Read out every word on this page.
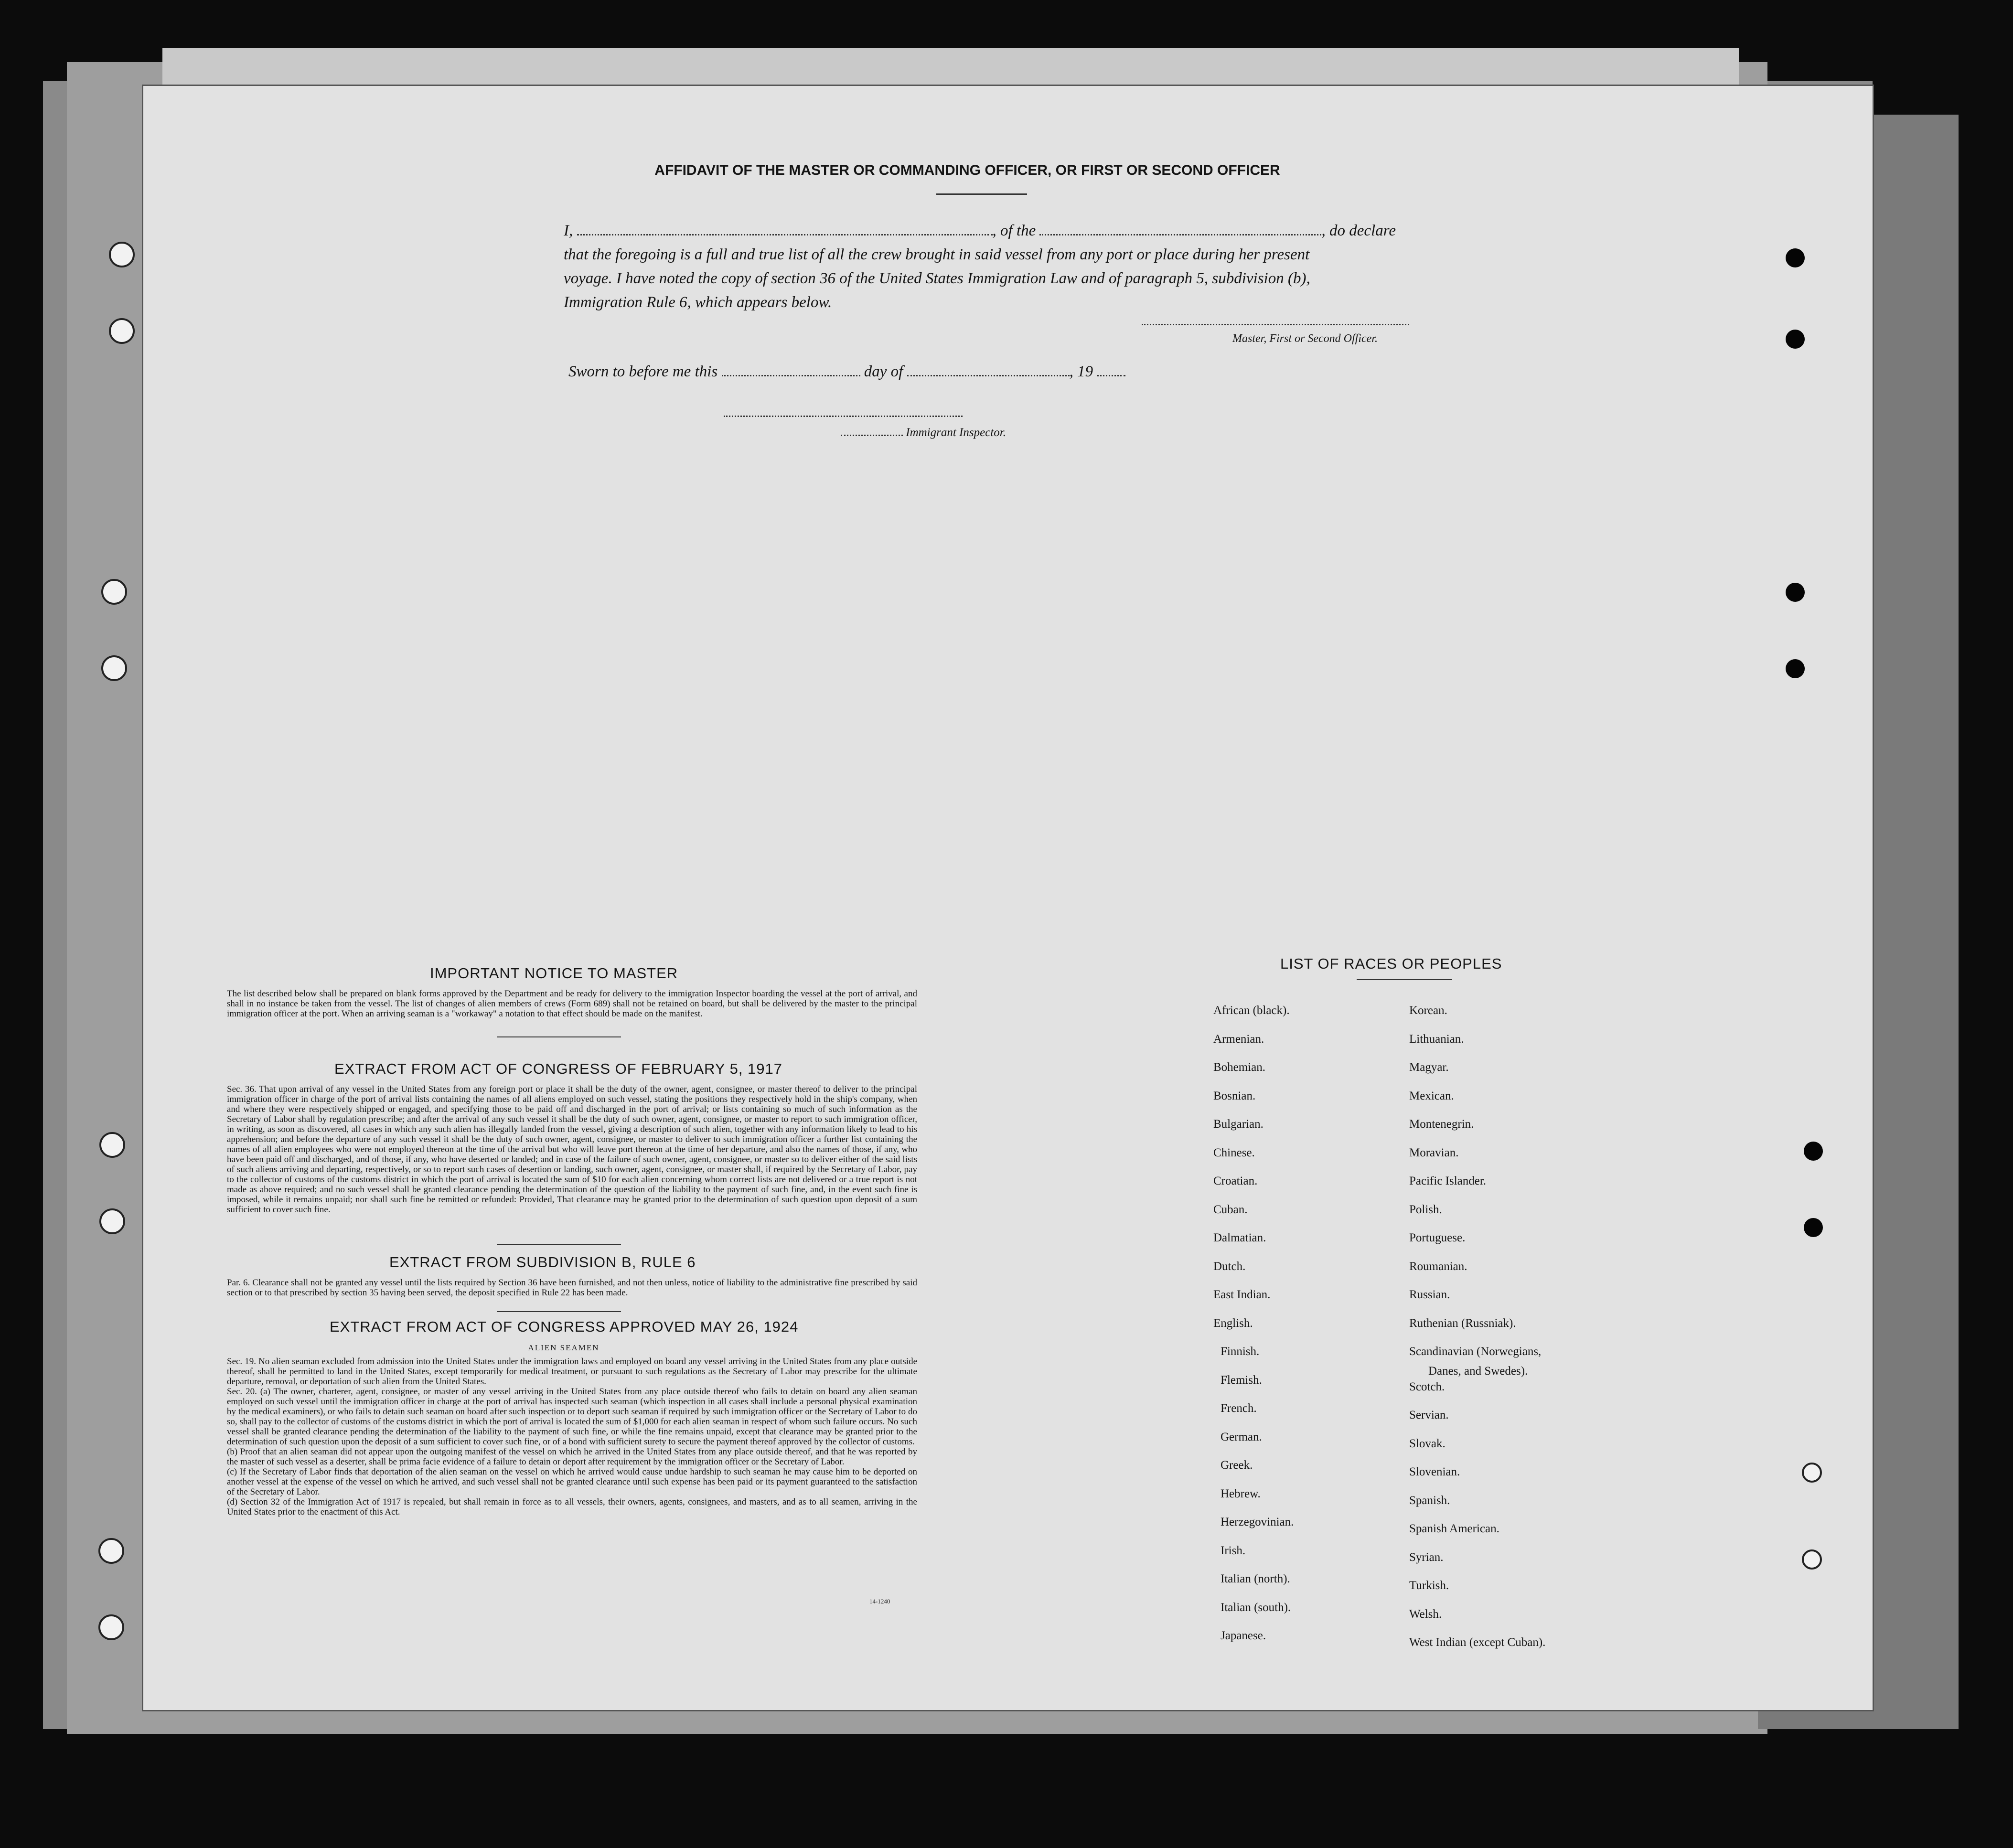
AFFIDAVIT OF THE MASTER OR COMMANDING OFFICER, OR FIRST OR SECOND OFFICER

I,	, of the	, do declare

that the foregoing is a full and true list of all the crew brought in said vessel from any port or place during her present

voyage. I have noted the copy of section 36 of the United States Immigration Law and of paragraph 5, subdivision (b),

Immigration Rule 6, which appears below.

Master, First or Second Officer.
Sworn to before me this	day of	, 19
Immigrant Inspector.
IMPORTANT NOTICE TO MASTER
The list described below shall be prepared on blank forms approved by the Department and be ready for delivery to the immigration Inspector boarding the vessel at the port of arrival, and shall in no instance be taken from the vessel. The list of changes of alien members of crews (Form 689) shall not be retained on board, but shall be delivered by the master to the principal immigration officer at the port. When an arriving seaman is a "workaway" a notation to that effect should be made on the manifest.
EXTRACT FROM ACT OF CONGRESS OF FEBRUARY 5, 1917
Sec. 36. That upon arrival of any vessel in the United States from any foreign port or place it shall be the duty of the owner, agent, consignee, or master thereof to deliver to the principal immigration officer in charge of the port of arrival lists containing the names of all aliens employed on such vessel, stating the positions they respectively hold in the ship's company, when and where they were respectively shipped or engaged, and specifying those to be paid off and discharged in the port of arrival; or lists containing so much of such information as the Secretary of Labor shall by regulation prescribe; and after the arrival of any such vessel it shall be the duty of such owner, agent, consignee, or master to report to such immigration officer, in writing, as soon as discovered, all cases in which any such alien has illegally landed from the vessel, giving a description of such alien, together with any information likely to lead to his apprehension; and before the departure of any such vessel it shall be the duty of such owner, agent, consignee, or master to deliver to such immigration officer a further list containing the names of all alien employees who were not employed thereon at the time of the arrival but who will leave port thereon at the time of her departure, and also the names of those, if any, who have been paid off and discharged, and of those, if any, who have deserted or landed; and in case of the failure of such owner, agent, consignee, or master so to deliver either of the said lists of such aliens arriving and departing, respectively, or so to report such cases of desertion or landing, such owner, agent, consignee, or master shall, if required by the Secretary of Labor, pay to the collector of customs of the customs district in which the port of arrival is located the sum of $10 for each alien concerning whom correct lists are not delivered or a true report is not made as above required; and no such vessel shall be granted clearance pending the determination of the question of the liability to the payment of such fine, and, in the event such fine is imposed, while it remains unpaid; nor shall such fine be remitted or refunded: Provided, That clearance may be granted prior to the determination of such question upon deposit of a sum sufficient to cover such fine.
EXTRACT FROM SUBDIVISION B, RULE 6
Par. 6. Clearance shall not be granted any vessel until the lists required by Section 36 have been furnished, and not then unless, notice of liability to the administrative fine prescribed by said section or to that prescribed by section 35 having been served, the deposit specified in Rule 22 has been made.
EXTRACT FROM ACT OF CONGRESS APPROVED MAY 26, 1924
ALIEN SEAMEN

Sec. 19. No alien seaman excluded from admission into the United States under the immigration laws and employed on board any vessel arriving in the United States from any place outside thereof, shall be permitted to land in the United States, except temporarily for medical treatment, or pursuant to such regulations as the Secretary of Labor may prescribe for the ultimate departure, removal, or deportation of such alien from the United States.

Sec. 20. (a) The owner, charterer, agent, consignee, or master of any vessel arriving in the United States from any place outside thereof who fails to detain on board any alien seaman employed on such vessel until the immigration officer in charge at the port of arrival has inspected such seaman (which inspection in all cases shall include a personal physical examination by the medical examiners), or who fails to detain such seaman on board after such inspection or to deport such seaman if required by such immigration officer or the Secretary of Labor to do so, shall pay to the collector of customs of the customs district in which the port of arrival is located the sum of $1,000 for each alien seaman in respect of whom such failure occurs. No such vessel shall be granted clearance pending the determination of the liability to the payment of such fine, or while the fine remains unpaid, except that clearance may be granted prior to the determination of such question upon the deposit of a sum sufficient to cover such fine, or of a bond with sufficient surety to secure the payment thereof approved by the collector of customs.

(b) Proof that an alien seaman did not appear upon the outgoing manifest of the vessel on which he arrived in the United States from any place outside thereof, and that he was reported by the master of such vessel as a deserter, shall be prima facie evidence of a failure to detain or deport after requirement by the immigration officer or the Secretary of Labor.

(c) If the Secretary of Labor finds that deportation of the alien seaman on the vessel on which he arrived would cause undue hardship to such seaman he may cause him to be deported on another vessel at the expense of the vessel on which he arrived, and such vessel shall not be granted clearance until such expense has been paid or its payment guaranteed to the satisfaction of the Secretary of Labor.

(d) Section 32 of the Immigration Act of 1917 is repealed, but shall remain in force as to all vessels, their owners, agents, consignees, and masters, and as to all seamen, arriving in the United States prior to the enactment of this Act.

14-1240
LIST OF RACES OR PEOPLES
Danes, and Swedes).
African (black).
Armenian.
Bohemian.
Bosnian.
Bulgarian.
Chinese.
Croatian.
Cuban.
Dalmatian.
Dutch.
East Indian.
English.
Finnish.
Flemish.
French.
German.
Greek.
Hebrew.
Herzegovinian.
Irish.
Italian (north).
Italian (south).
Japanese.
Korean.
Lithuanian.
Magyar.
Mexican.
Montenegrin.
Moravian.
Pacific Islander.
Polish.
Portuguese.
Roumanian.
Russian.
Ruthenian (Russniak).
Scandinavian (Norwegians,
Scotch.
Servian.
Slovak.
Slovenian.
Spanish.
Spanish American.
Syrian.
Turkish.
Welsh.
West Indian (except Cuban).
